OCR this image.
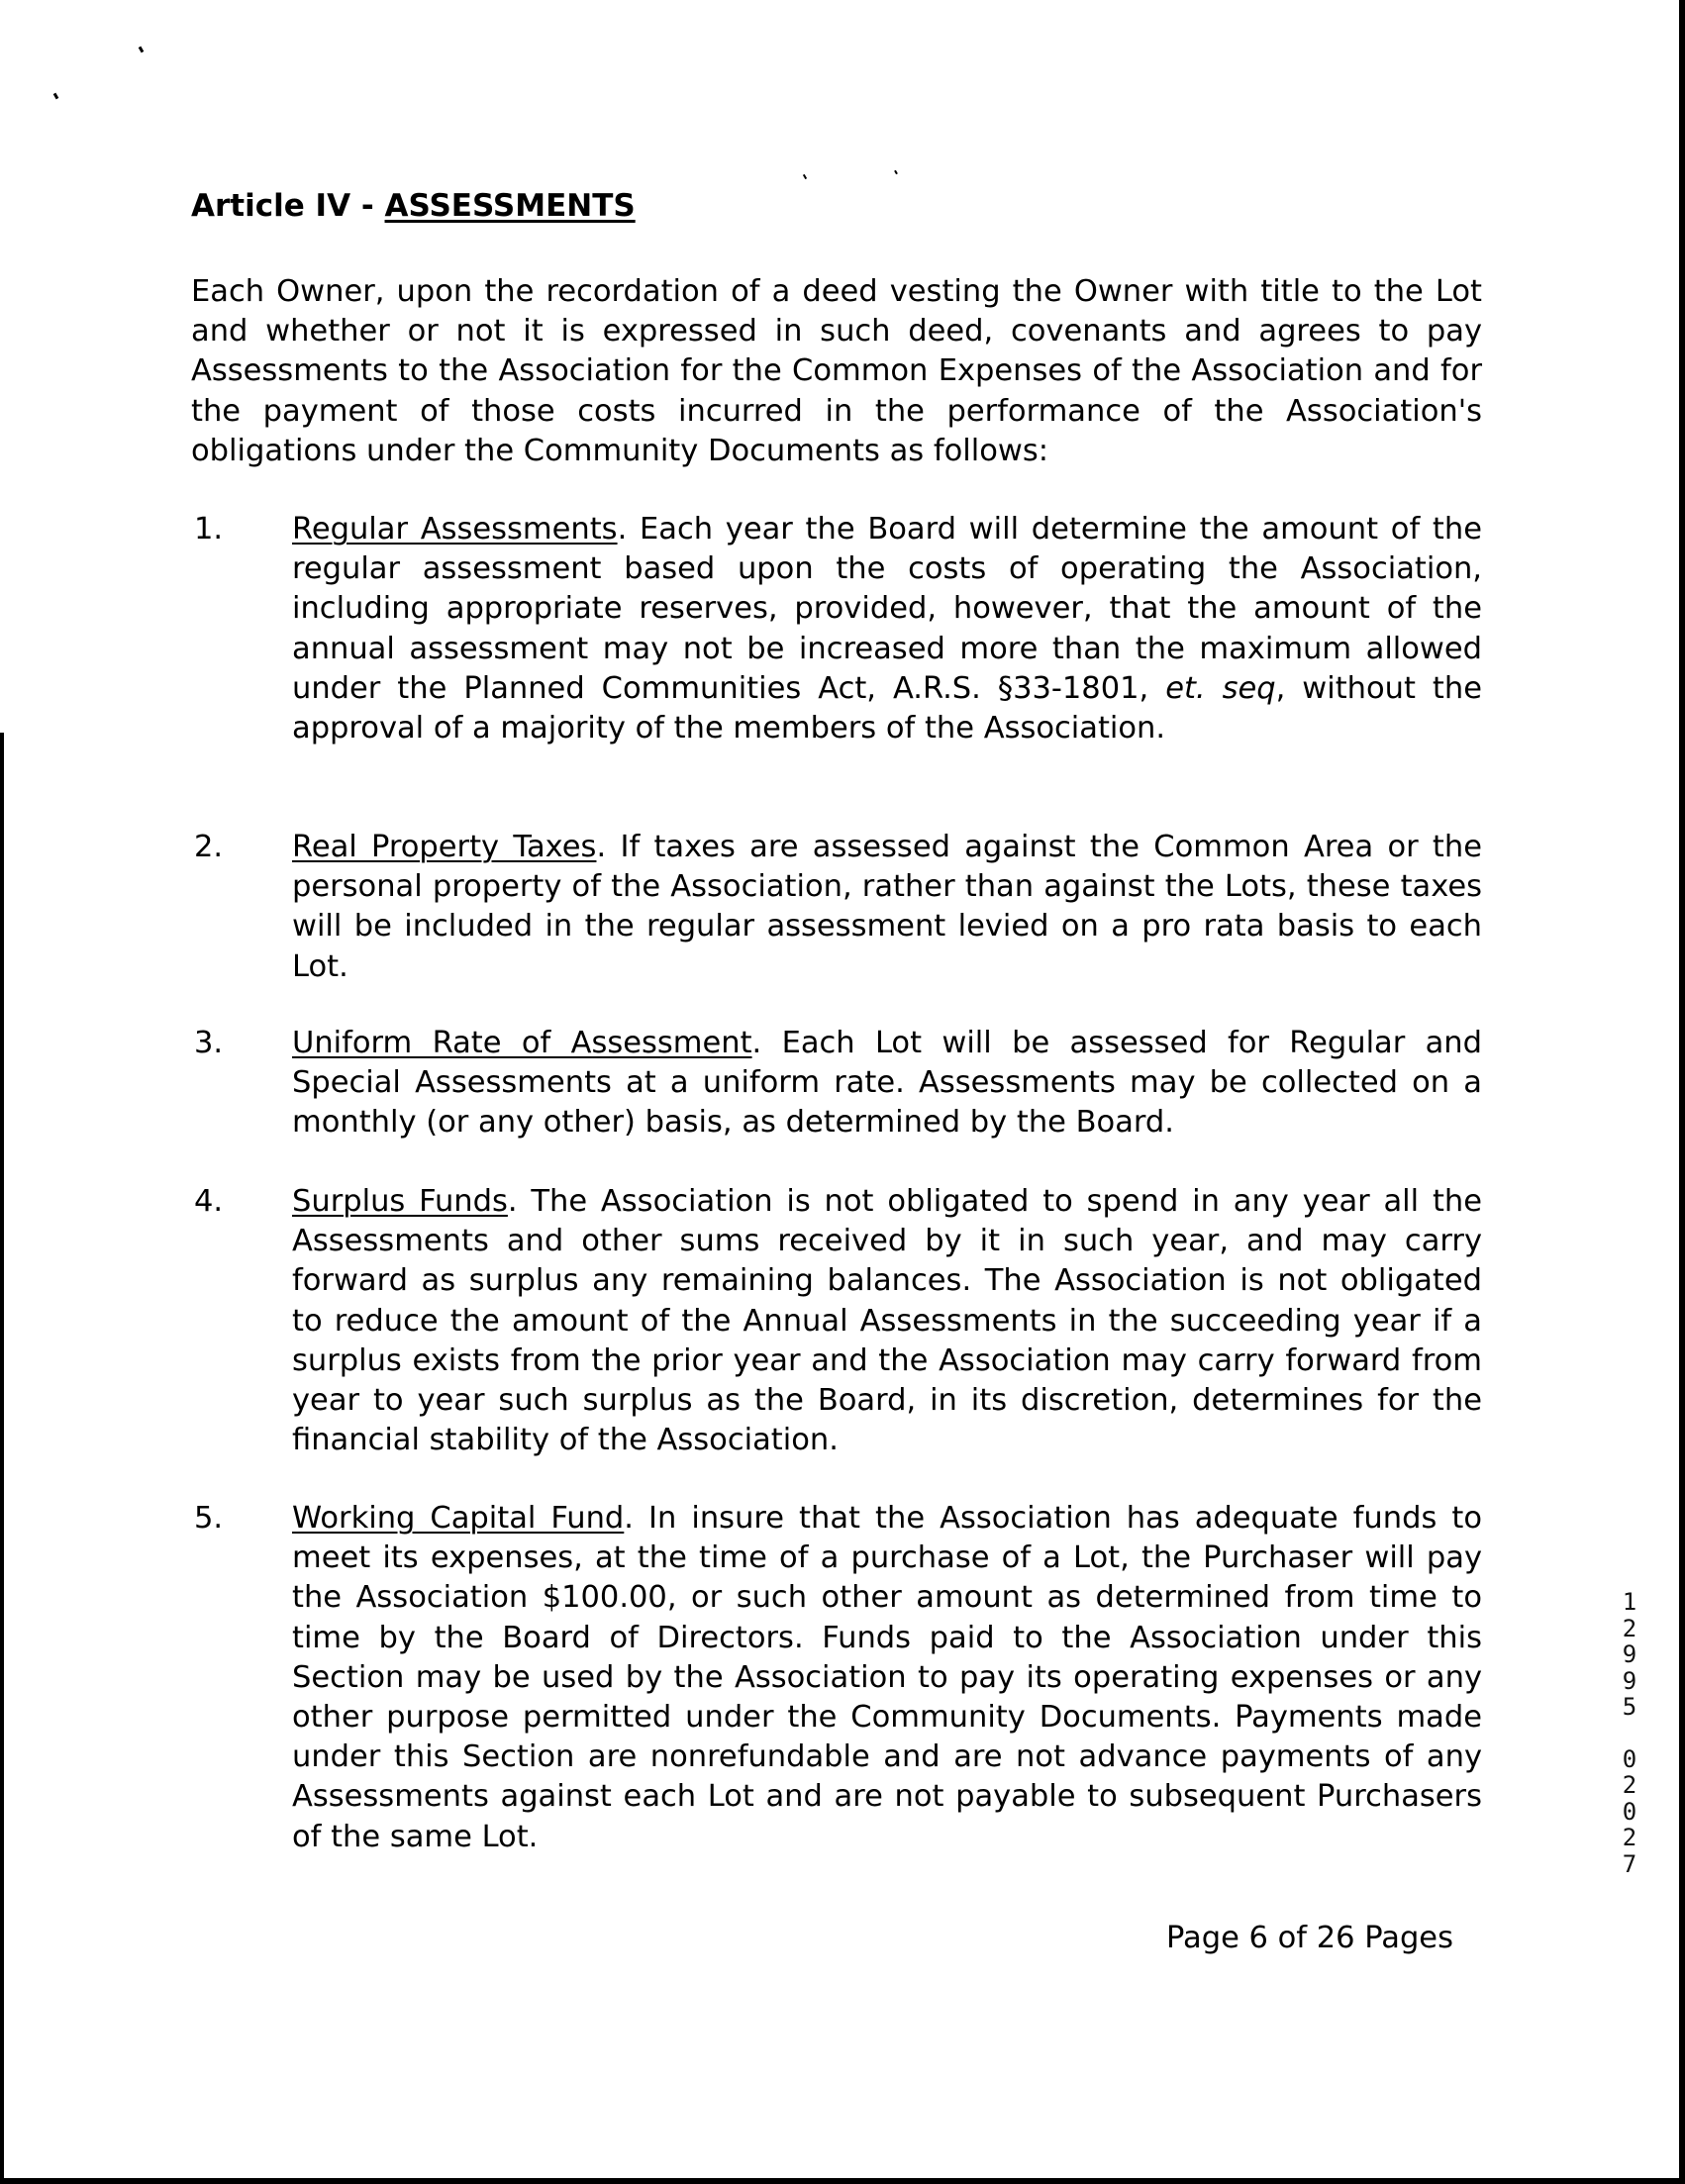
Article IV - ASSESSMENTS
Each Owner, upon the recordation of a deed vesting the Owner with title to the Lot and whether or not it is expressed in such deed, covenants and agrees to pay Assessments to the Association for the Common Expenses of the Association and for the payment of those costs incurred in the performance of the Association's obligations under the Community Documents as follows:
1. Regular Assessments. Each year the Board will determine the amount of the regular assessment based upon the costs of operating the Association, including appropriate reserves, provided, however, that the amount of the annual assessment may not be increased more than the maximum allowed under the Planned Communities Act, A.R.S. §33-1801, et. seq, without the approval of a majority of the members of the Association.
2. Real Property Taxes. If taxes are assessed against the Common Area or the personal property of the Association, rather than against the Lots, these taxes will be included in the regular assessment levied on a pro rata basis to each Lot.
3. Uniform Rate of Assessment. Each Lot will be assessed for Regular and Special Assessments at a uniform rate. Assessments may be collected on a monthly (or any other) basis, as determined by the Board.
4. Surplus Funds. The Association is not obligated to spend in any year all the Assessments and other sums received by it in such year, and may carry forward as surplus any remaining balances. The Association is not obligated to reduce the amount of the Annual Assessments in the succeeding year if a surplus exists from the prior year and the Association may carry forward from year to year such surplus as the Board, in its discretion, determines for the financial stability of the Association.
5. Working Capital Fund. In insure that the Association has adequate funds to meet its expenses, at the time of a purchase of a Lot, the Purchaser will pay the Association $100.00, or such other amount as determined from time to time by the Board of Directors. Funds paid to the Association under this Section may be used by the Association to pay its operating expenses or any other purpose permitted under the Community Documents. Payments made under this Section are nonrefundable and are not advance payments of any Assessments against each Lot and are not payable to subsequent Purchasers of the same Lot.
Page 6 of 26 Pages
1
2
9
9
5
0
2
0
2
7
